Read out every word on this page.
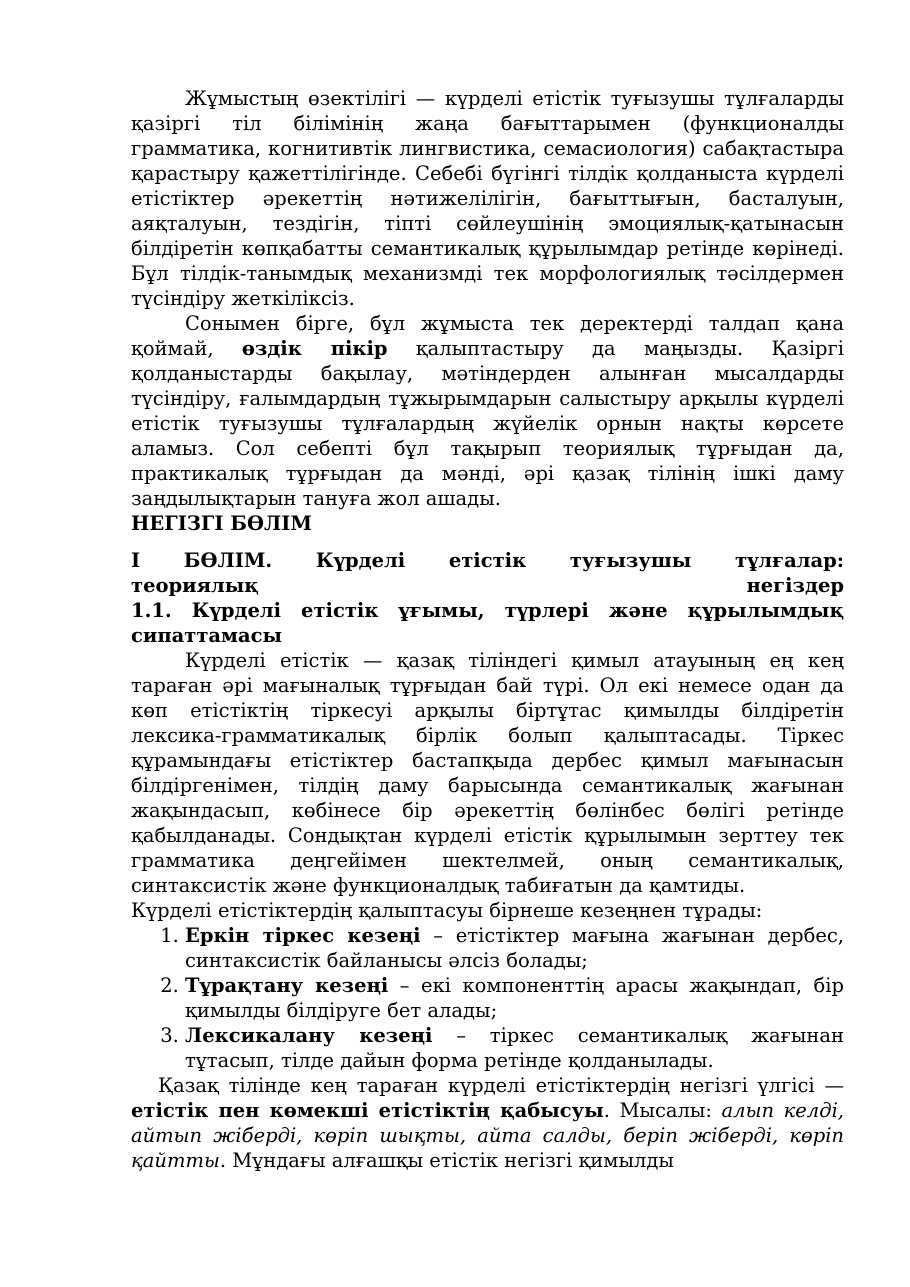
Жұмыстың өзектілігі — күрделі етістік туғызушы тұлғаларды қазіргі тіл білімінің жаңа бағыттарымен (функционалды грамматика, когнитивтік лингвистика, семасиология) сабақтастыра қарастыру қажеттілігінде. Себебі бүгінгі тілдік қолданыста күрделі етістіктер әрекеттің нәтижелілігін, бағыттығын, басталуын, аяқталуын, тездігін, тіпті сөйлеушінің эмоциялық-қатынасын білдіретін көпқабатты семантикалық құрылымдар ретінде көрінеді. Бұл тілдік-танымдық механизмді тек морфологиялық тәсілдермен түсіндіру жеткіліксіз.

Сонымен бірге, бұл жұмыста тек деректерді талдап қана қоймай, өздік пікір қалыптастыру да маңызды. Қазіргі қолданыстарды бақылау, мәтіндерден алынған мысалдарды түсіндіру, ғалымдардың тұжырымдарын салыстыру арқылы күрделі етістік туғызушы тұлғалардың жүйелік орнын нақты көрсете аламыз. Сол себепті бұл тақырып теориялық тұрғыдан да, практикалық тұрғыдан да мәнді, әрі қазақ тілінің ішкі даму заңдылықтарын тануға жол ашады.

НЕГІЗГІ БӨЛІМ

I БӨЛІМ. Күрделі етістік туғызушы тұлғалар:

теориялық	негіздер

1.1. Күрделі етістік ұғымы, түрлері және құрылымдық сипаттамасы

Күрделі етістік — қазақ тіліндегі қимыл атауының ең кең тараған әрі мағыналық тұрғыдан бай түрі. Ол екі немесе одан да көп етістіктің тіркесуі арқылы біртұтас қимылды білдіретін лексика-грамматикалық бірлік болып қалыптасады. Тіркес құрамындағы етістіктер бастапқыда дербес қимыл мағынасын білдіргенімен, тілдің даму барысында семантикалық жағынан жақындасып, көбінесе бір әрекеттің бөлінбес бөлігі ретінде қабылданады. Сондықтан күрделі етістік құрылымын зерттеу тек грамматика деңгейімен шектелмей, оның семантикалық, синтаксистік және функционалдық табиғатын да қамтиды.

Күрделі етістіктердің қалыптасуы бірнеше кезеңнен тұрады:

1. Еркін тіркес кезеңі – етістіктер мағына жағынан дербес, синтаксистік байланысы әлсіз болады;
2. Тұрақтану кезеңі – екі компоненттің арасы жақындап, бір қимылды білдіруге бет алады;
3. Лексикалану кезеңі – тіркес семантикалық жағынан тұтасып, тілде дайын форма ретінде қолданылады.

Қазақ тілінде кең тараған күрделі етістіктердің негізгі үлгісі — етістік пен көмекші етістіктің қабысуы. Мысалы: алып келді, айтып жіберді, көріп шықты, айта салды, беріп жіберді, көріп қайтты. Мұндағы алғашқы етістік негізгі қимылды
